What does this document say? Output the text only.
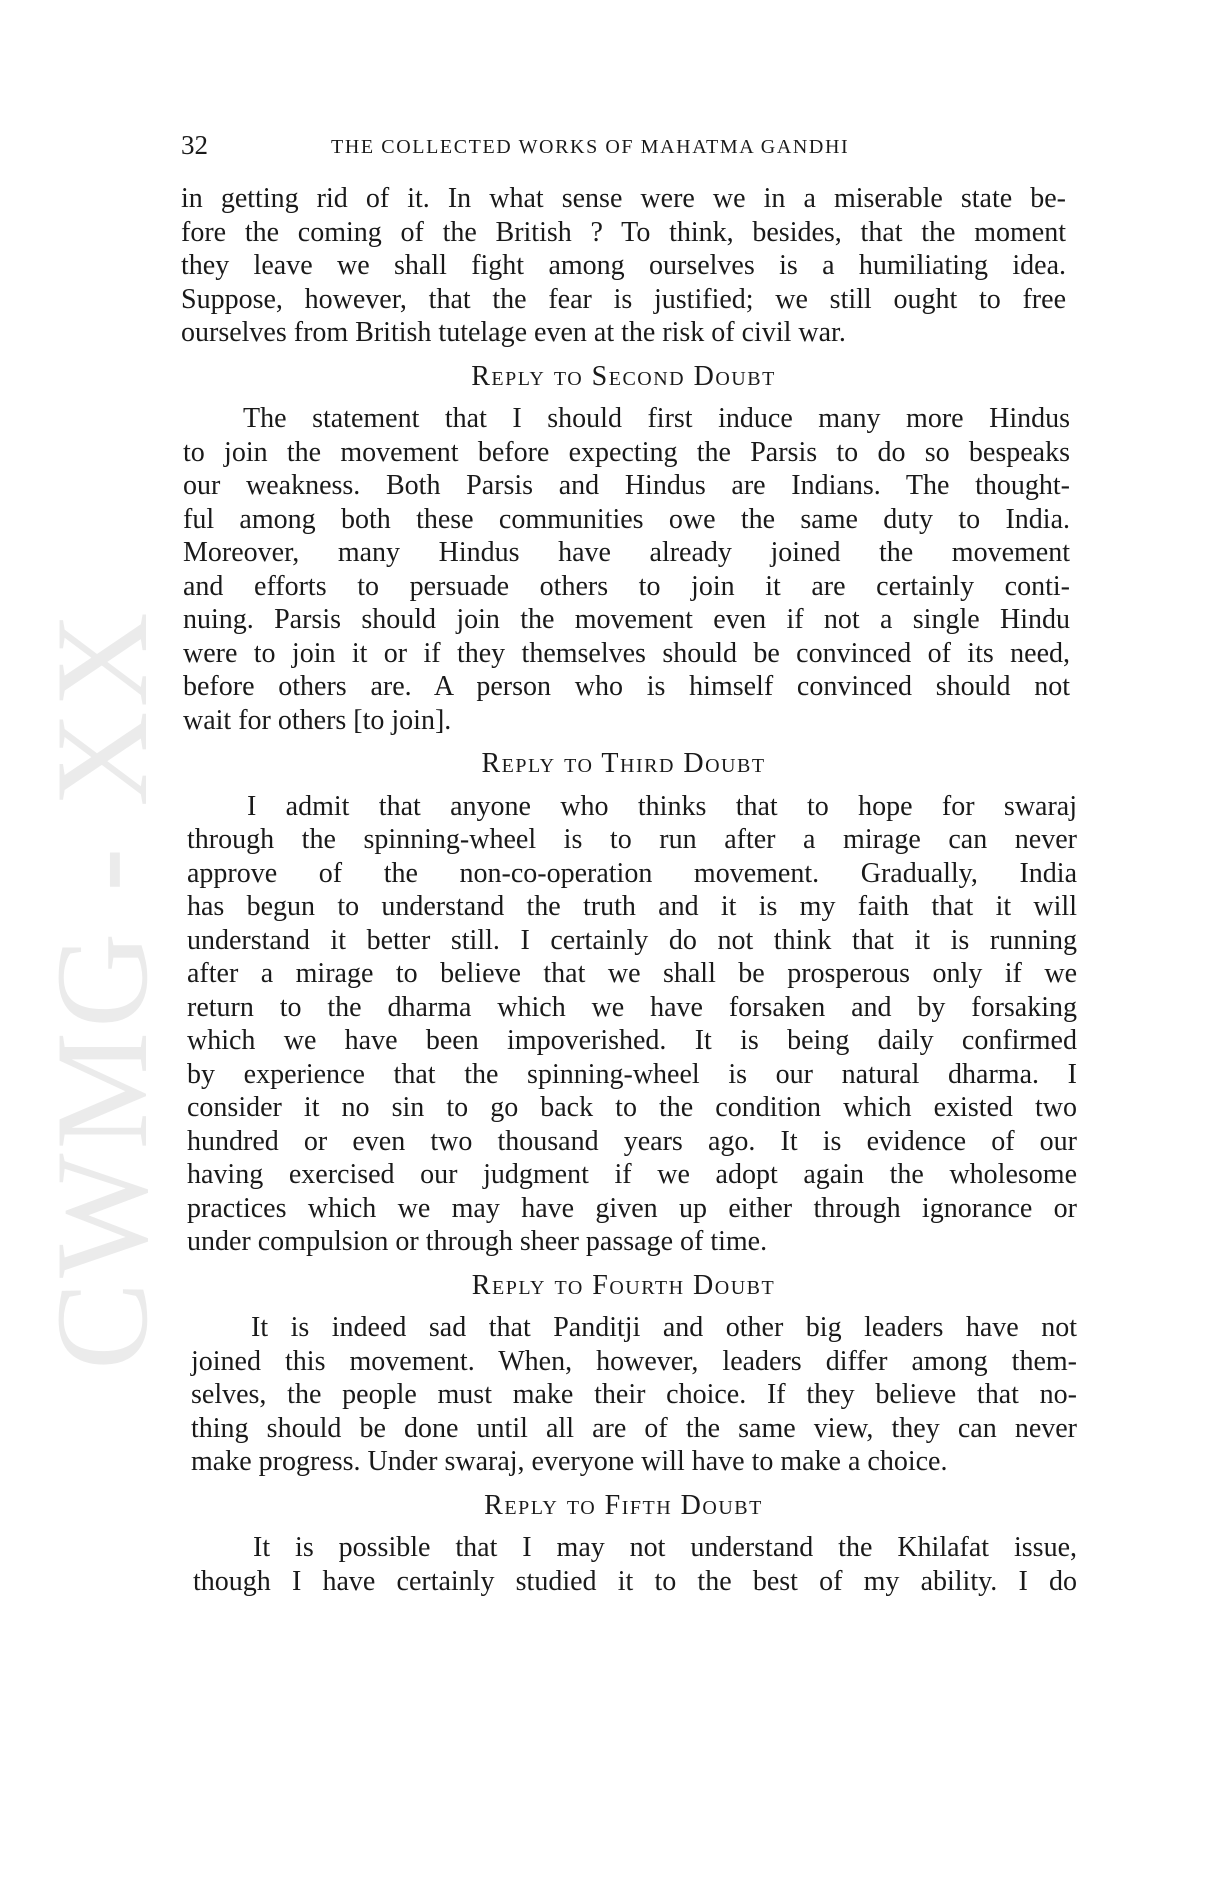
CWMG - XX
32	THE COLLECTED WORKS OF MAHATMA GANDHI
in getting rid of it. In what sense were we in a miserable state be-
fore the coming of the British ? To think, besides, that the moment
they leave we shall fight among ourselves is a humiliating idea.
Suppose, however, that the fear is justified; we still ought to free
ourselves from British tutelage even at the risk of civil war.
Reply to Second Doubt
The statement that I should first induce many more Hindus
to join the movement before expecting the Parsis to do so bespeaks
our weakness. Both Parsis and Hindus are Indians. The thought-
ful among both these communities owe the same duty to India.
Moreover, many Hindus have already joined the movement
and efforts to persuade others to join it are certainly conti-
nuing. Parsis should join the movement even if not a single Hindu
were to join it or if they themselves should be convinced of its need,
before others are. A person who is himself convinced should not
wait for others [to join].
Reply to Third Doubt
I admit that anyone who thinks that to hope for swaraj
through the spinning-wheel is to run after a mirage can never
approve of the non-co-operation movement. Gradually, India
has begun to understand the truth and it is my faith that it will
understand it better still. I certainly do not think that it is running
after a mirage to believe that we shall be prosperous only if we
return to the dharma which we have forsaken and by forsaking
which we have been impoverished. It is being daily confirmed
by experience that the spinning-wheel is our natural dharma. I
consider it no sin to go back to the condition which existed two
hundred or even two thousand years ago. It is evidence of our
having exercised our judgment if we adopt again the wholesome
practices which we may have given up either through ignorance or
under compulsion or through sheer passage of time.
Reply to Fourth Doubt
It is indeed sad that Panditji and other big leaders have not
joined this movement. When, however, leaders differ among them-
selves, the people must make their choice. If they believe that no-
thing should be done until all are of the same view, they can never
make progress. Under swaraj, everyone will have to make a choice.
Reply to Fifth Doubt
It is possible that I may not understand the Khilafat issue,
though I have certainly studied it to the best of my ability. I do
